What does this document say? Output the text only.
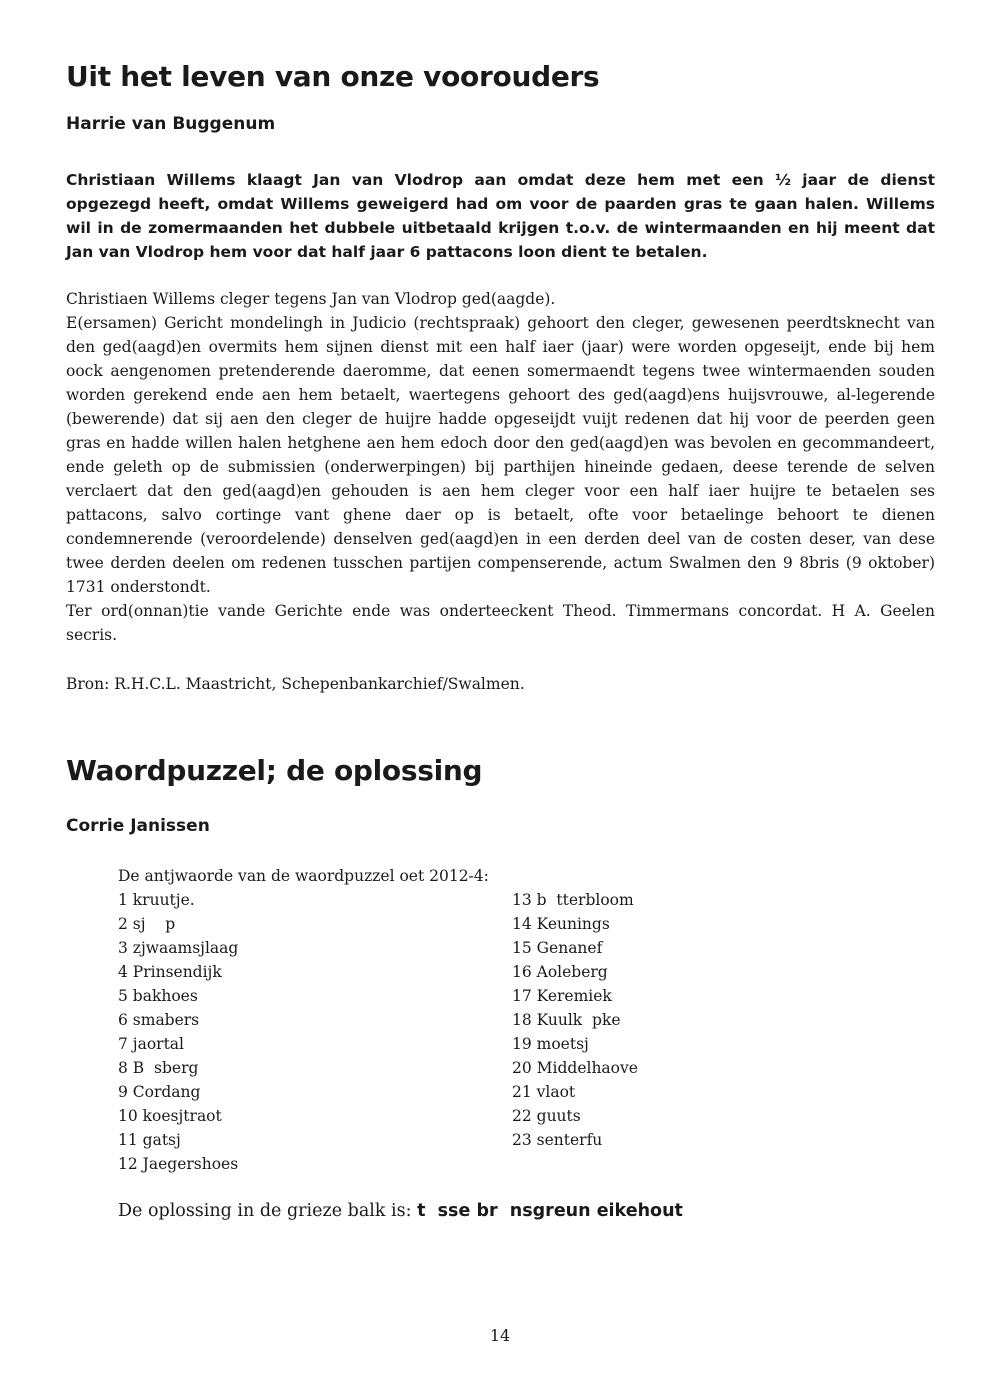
Uit het leven van onze voorouders
Harrie van Buggenum
Christiaan Willems klaagt Jan van Vlodrop aan omdat deze hem met een ½ jaar de dienst opgezegd heeft, omdat Willems geweigerd had om voor de paarden gras te gaan halen. Willems wil in de zomermaanden het dubbele uitbetaald krijgen t.o.v. de wintermaanden en hij meent dat Jan van Vlodrop hem voor dat half jaar 6 pattacons loon dient te betalen.

Christiaen Willems cleger tegens Jan van Vlodrop ged(aagde).

E(ersamen) Gericht mondelingh in Judicio (rechtspraak) gehoort den cleger, gewesenen peerdtsknecht van den ged(aagd)en overmits hem sijnen dienst mit een half iaer (jaar) were worden opgeseijt, ende bij hem oock aengenomen pretenderende daeromme, dat eenen somermaendt tegens twee wintermaenden souden worden gerekend ende aen hem betaelt, waertegens gehoort des ged(aagd)ens huijsvrouwe, al-legerende (bewerende) dat sij aen den cleger de huijre hadde opgeseijdt vuijt redenen dat hij voor de peerden geen gras en hadde willen halen hetghene aen hem edoch door den ged(aagd)en was bevolen en gecommandeert, ende geleth op de submissien (onderwerpingen) bij parthijen hineinde gedaen, deese terende de selven verclaert dat den ged(aagd)en gehouden is aen hem cleger voor een half iaer huijre te betaelen ses pattacons, salvo cortinge vant ghene daer op is betaelt, ofte voor betaelinge behoort te dienen condemnerende (veroordelende) denselven ged(aagd)en in een derden deel van de costen deser, van dese twee derden deelen om redenen tusschen partijen compenserende, actum Swalmen den 9 8bris (9 oktober) 1731 onderstondt.

Ter ord(onnan)tie vande Gerichte ende was onderteeckent Theod. Timmermans concordat. H A. Geelen secris.

Bron: R.H.C.L. Maastricht, Schepenbankarchief/Swalmen.
Waordpuzzel; de oplossing
Corrie Janissen
De antjwaorde van de waordpuzzel oet 2012-4:
1 kruutje.
2 sj    p
3 zjwaamsjlaag
4 Prinsendijk
5 bakhoes
6 smabers
7 jaortal
8 B  sberg
9 Cordang
10 koesjtraot
11 gatsj
12 Jaegershoes
13 b  tterbloom
14 Keunings
15 Genanef
16 Aoleberg
17 Keremiek
18 Kuulk  pke
19 moetsj
20 Middelhaove
21 vlaot
22 guuts
23 senterfu
De oplossing in de grieze balk is: t  sse br  nsgreun eikehout
14
